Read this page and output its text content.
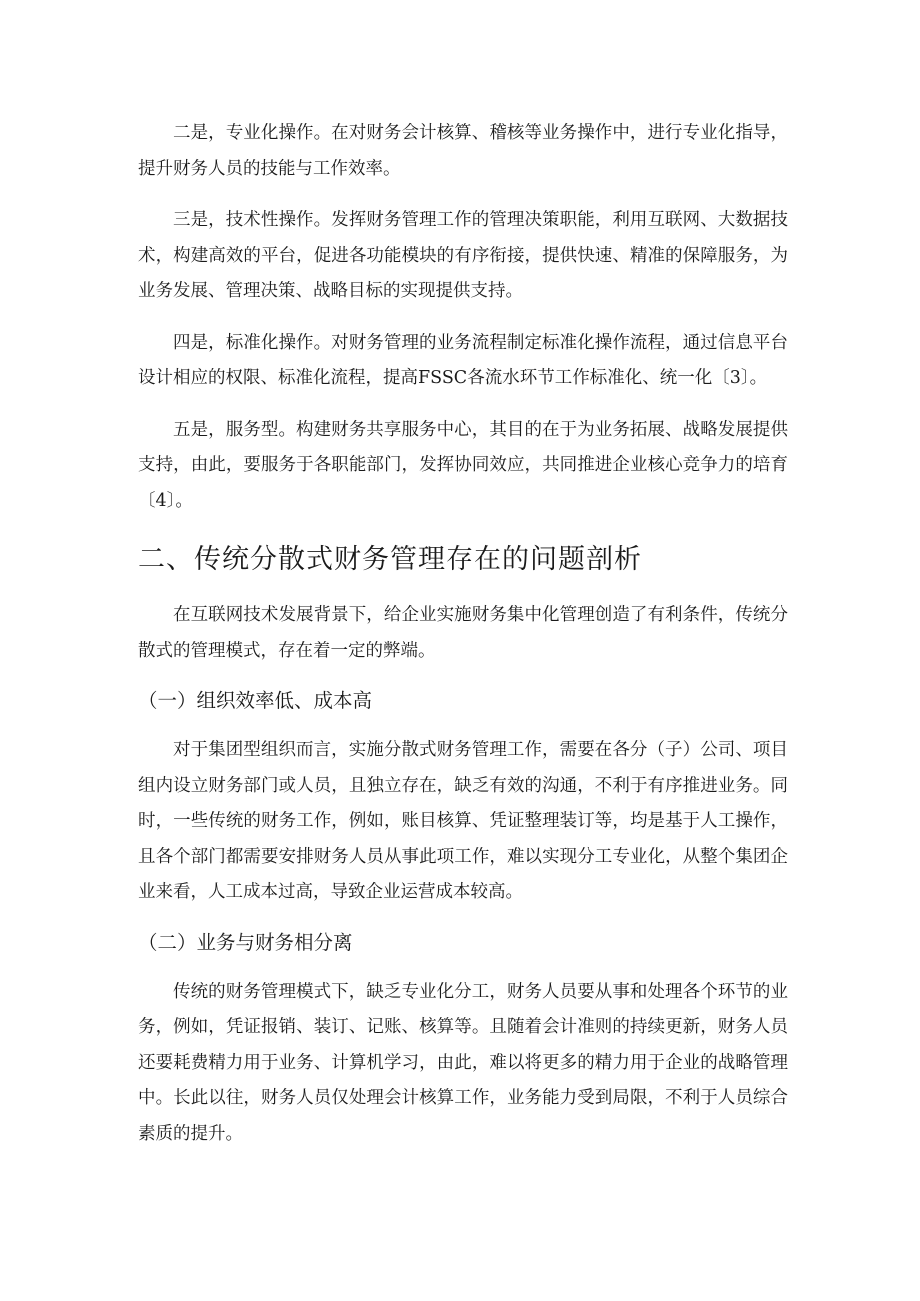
二是，专业化操作。在对财务会计核算、稽核等业务操作中，进行专业化指导，提升财务人员的技能与工作效率。

三是，技术性操作。发挥财务管理工作的管理决策职能，利用互联网、大数据技术，构建高效的平台，促进各功能模块的有序衔接，提供快速、精准的保障服务，为业务发展、管理决策、战略目标的实现提供支持。

四是，标准化操作。对财务管理的业务流程制定标准化操作流程，通过信息平台设计相应的权限、标准化流程，提高FSSC各流水环节工作标准化、统一化〔3〕。

五是，服务型。构建财务共享服务中心，其目的在于为业务拓展、战略发展提供支持，由此，要服务于各职能部门，发挥协同效应，共同推进企业核心竞争力的培育〔4〕。

二、传统分散式财务管理存在的问题剖析

在互联网技术发展背景下，给企业实施财务集中化管理创造了有利条件，传统分散式的管理模式，存在着一定的弊端。

（一）组织效率低、成本高

对于集团型组织而言，实施分散式财务管理工作，需要在各分（子）公司、项目组内设立财务部门或人员，且独立存在，缺乏有效的沟通，不利于有序推进业务。同时，一些传统的财务工作，例如，账目核算、凭证整理装订等，均是基于人工操作，且各个部门都需要安排财务人员从事此项工作，难以实现分工专业化，从整个集团企业来看，人工成本过高，导致企业运营成本较高。

（二）业务与财务相分离

传统的财务管理模式下，缺乏专业化分工，财务人员要从事和处理各个环节的业务，例如，凭证报销、装订、记账、核算等。且随着会计准则的持续更新，财务人员还要耗费精力用于业务、计算机学习，由此，难以将更多的精力用于企业的战略管理中。长此以往，财务人员仅处理会计核算工作，业务能力受到局限，不利于人员综合素质的提升。
